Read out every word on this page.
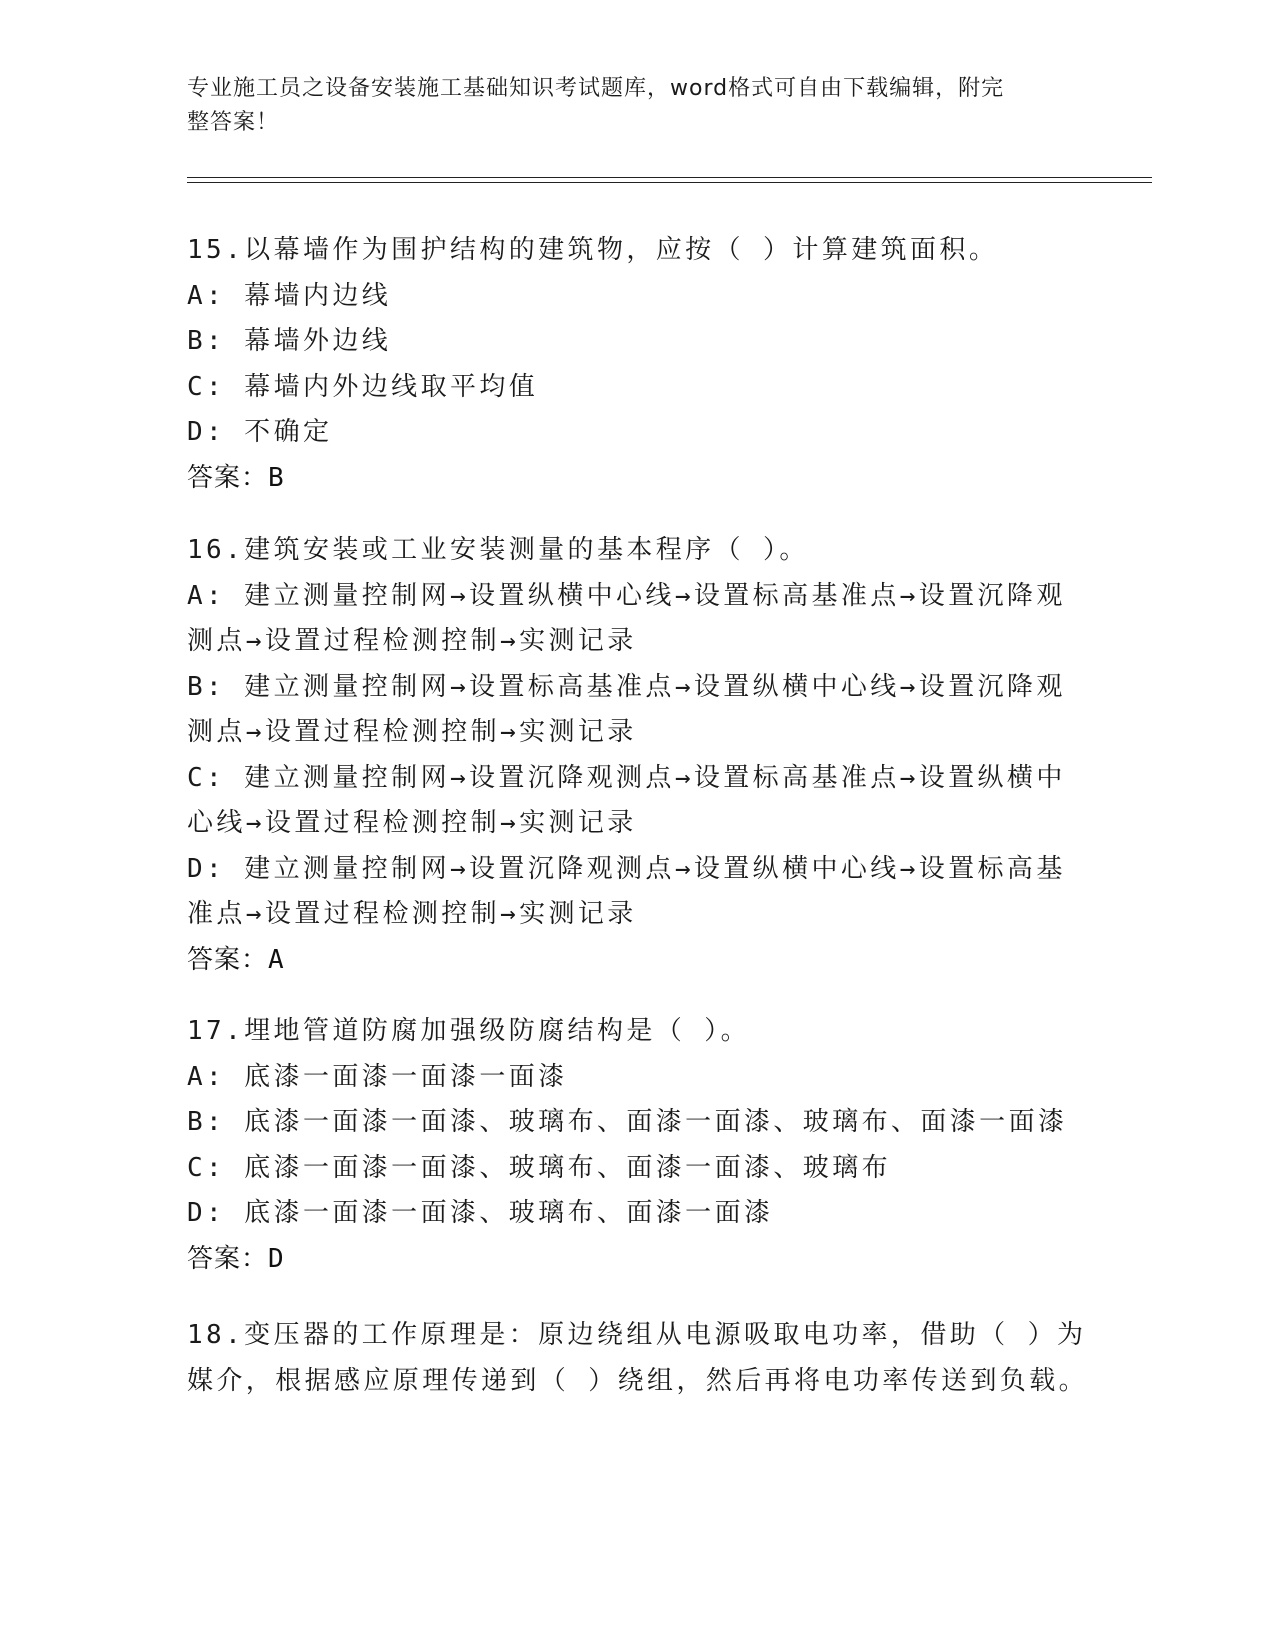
专业施工员之设备安装施工基础知识考试题库，word格式可自由下载编辑，附完
整答案！
15.以幕墙作为围护结构的建筑物，应按（ ）计算建筑面积。
A: 幕墙内边线
B: 幕墙外边线
C: 幕墙内外边线取平均值
D: 不确定
答案：B
16.建筑安装或工业安装测量的基本程序（ ）。
A: 建立测量控制网→设置纵横中心线→设置标高基准点→设置沉降观
测点→设置过程检测控制→实测记录
B: 建立测量控制网→设置标高基准点→设置纵横中心线→设置沉降观
测点→设置过程检测控制→实测记录
C: 建立测量控制网→设置沉降观测点→设置标高基准点→设置纵横中
心线→设置过程检测控制→实测记录
D: 建立测量控制网→设置沉降观测点→设置纵横中心线→设置标高基
准点→设置过程检测控制→实测记录
答案：A
17.埋地管道防腐加强级防腐结构是（ ）。
A: 底漆一面漆一面漆一面漆
B: 底漆一面漆一面漆、玻璃布、面漆一面漆、玻璃布、面漆一面漆
C: 底漆一面漆一面漆、玻璃布、面漆一面漆、玻璃布
D: 底漆一面漆一面漆、玻璃布、面漆一面漆
答案：D
18.变压器的工作原理是：原边绕组从电源吸取电功率，借助（ ）为
媒介，根据感应原理传递到（ ）绕组，然后再将电功率传送到负载。
